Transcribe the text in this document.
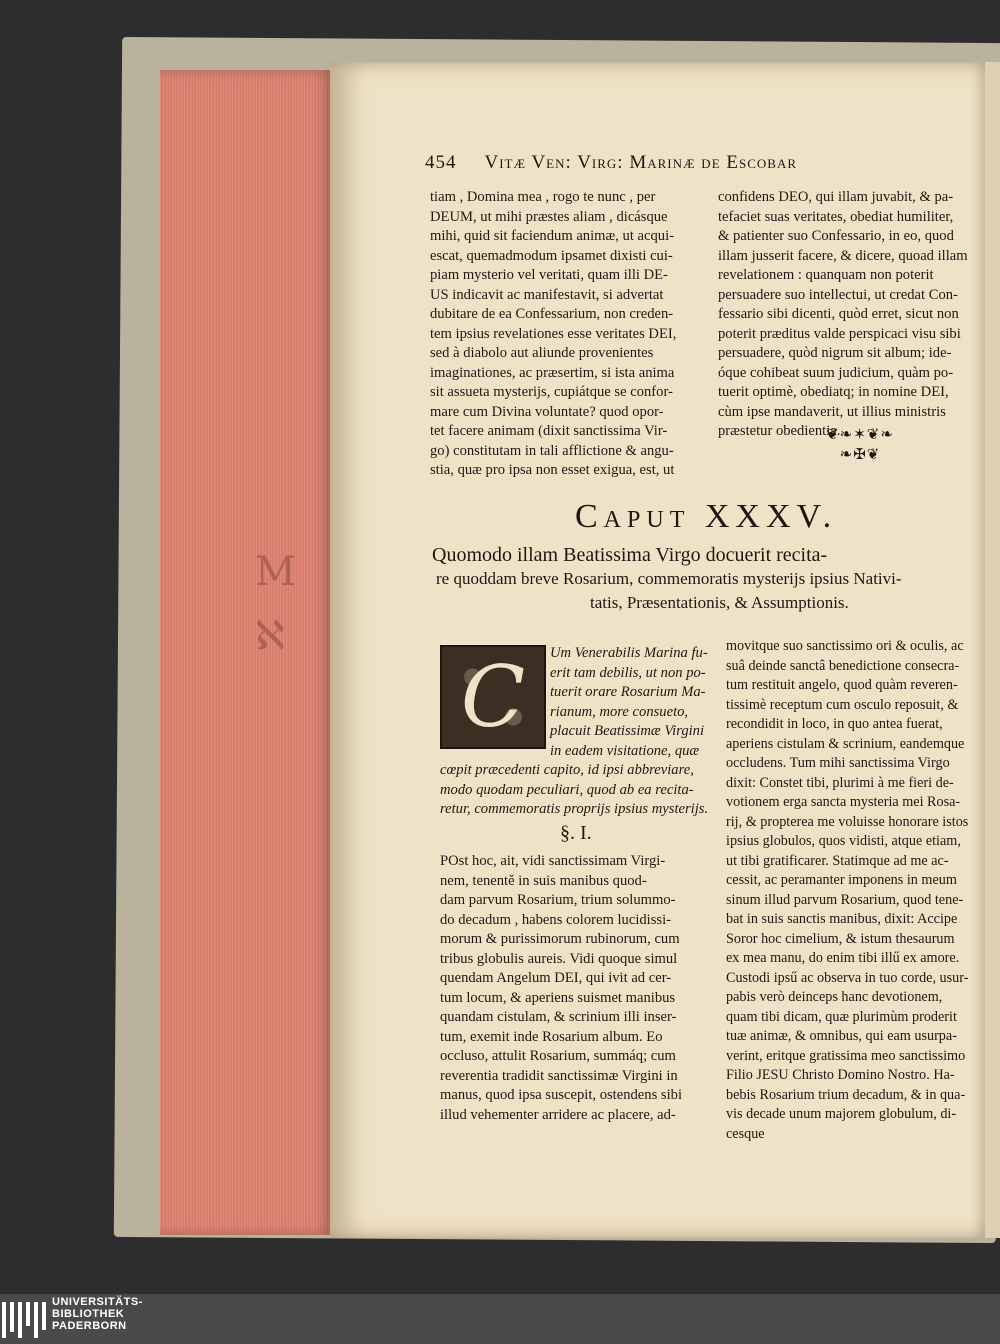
M
ℵ
454 Vitæ Ven: Virg: Marinæ de Escobar
tiam , Domina mea , rogo te nunc , per
DEUM, ut mihi præstes aliam , dicásque
mihi, quid sit faciendum animæ, ut acqui-
escat, quemadmodum ipsamet dixisti cui-
piam mysterio vel veritati, quam illi DE-
US indicavit ac manifestavit, si advertat
dubitare de ea Confessarium, non creden-
tem ipsius revelationes esse veritates DEI,
sed à diabolo aut aliunde provenientes
imaginationes, ac præsertim, si ista anima
sit assueta mysterijs, cupiátque se confor-
mare cum Divina voluntate? quod opor-
tet facere animam (dixit sanctissima Vir-
go) constitutam in tali afflictione & angu-
stia, quæ pro ipsa non esset exigua, est, ut
confidens DEO, qui illam juvabit, & pa-
tefaciet suas veritates, obediat humiliter,
& patienter suo Confessario, in eo, quod
illam jusserit facere, & dicere, quoad illam
revelationem : quanquam non poterit
persuadere suo intellectui, ut credat Con-
fessario sibi dicenti, quòd erret, sicut non
poterit præditus valde perspicaci visu sibi
persuadere, quòd nigrum sit album; ide-
óque cohibeat suum judicium, quàm po-
tuerit optimè, obediatq; in nomine DEI,
cùm ipse mandaverit, ut illius ministris
præstetur obedientia.
❦❧✶❦❧
❧✠❦
Caput XXXV.
Quomodo illam Beatissima Virgo docuerit recita-
re quoddam breve Rosarium, commemoratis mysterijs ipsius Nativi-
tatis, Præsentationis, & Assumptionis.
C	Um Venerabilis Marina fu-
erit tam debilis, ut non po-
tuerit orare Rosarium Ma-
rianum, more consueto,
placuit Beatissimæ Virgini
in eadem visitatione, quæ
cœpit præcedenti capito, id ipsi abbreviare,
modo quodam peculiari, quod ab ea recita-
retur, commemoratis proprijs ipsius mysterijs.
§. I.
POst hoc, ait, vidi sanctissimam Virgi-
nem, tenentě in suis manibus quod-
dam parvum Rosarium, trium solummo-
do decadum , habens colorem lucidissi-
morum & purissimorum rubinorum, cum
tribus globulis aureis. Vidi quoque simul
quendam Angelum DEI, qui ivit ad cer-
tum locum, & aperiens suismet manibus
quandam cistulam, & scrinium illi inser-
tum, exemit inde Rosarium album. Eo
occluso, attulit Rosarium, summáq; cum
reverentia tradidit sanctissimæ Virgini in
manus, quod ipsa suscepit, ostendens sibi
illud vehementer arridere ac placere, ad-
movitque suo sanctissimo ori & oculis, ac
suâ deinde sanctâ benedictione consecra-
tum restituit angelo, quod quàm reveren-
tissimè receptum cum osculo reposuit, &
recondidit in loco, in quo antea fuerat,
aperiens cistulam & scrinium, eandemque
occludens. Tum mihi sanctissima Virgo
dixit: Constet tibi, plurimi à me fieri de-
votionem erga sancta mysteria mei Rosa-
rij, & propterea me voluisse honorare istos
ipsius globulos, quos vidisti, atque etiam,
ut tibi gratificarer. Statimque ad me ac-
cessit, ac peramanter imponens in meum
sinum illud parvum Rosarium, quod tene-
bat in suis sanctis manibus, dixit: Accipe
Soror hoc cimelium, & istum thesaurum
ex mea manu, do enim tibi illű ex amore.
Custodi ipsű ac observa in tuo corde, usur-
pabis verò deinceps hanc devotionem,
quam tibi dicam, quæ plurimùm proderit
tuæ animæ, & omnibus, qui eam usurpa-
verint, eritque gratissima meo sanctissimo
Filio JESU Christo Domino Nostro. Ha-
bebis Rosarium trium decadum, & in qua-
vis decade unum majorem globulum, di-
cesque
UNIVERSITÄTS-
BIBLIOTHEK
PADERBORN
